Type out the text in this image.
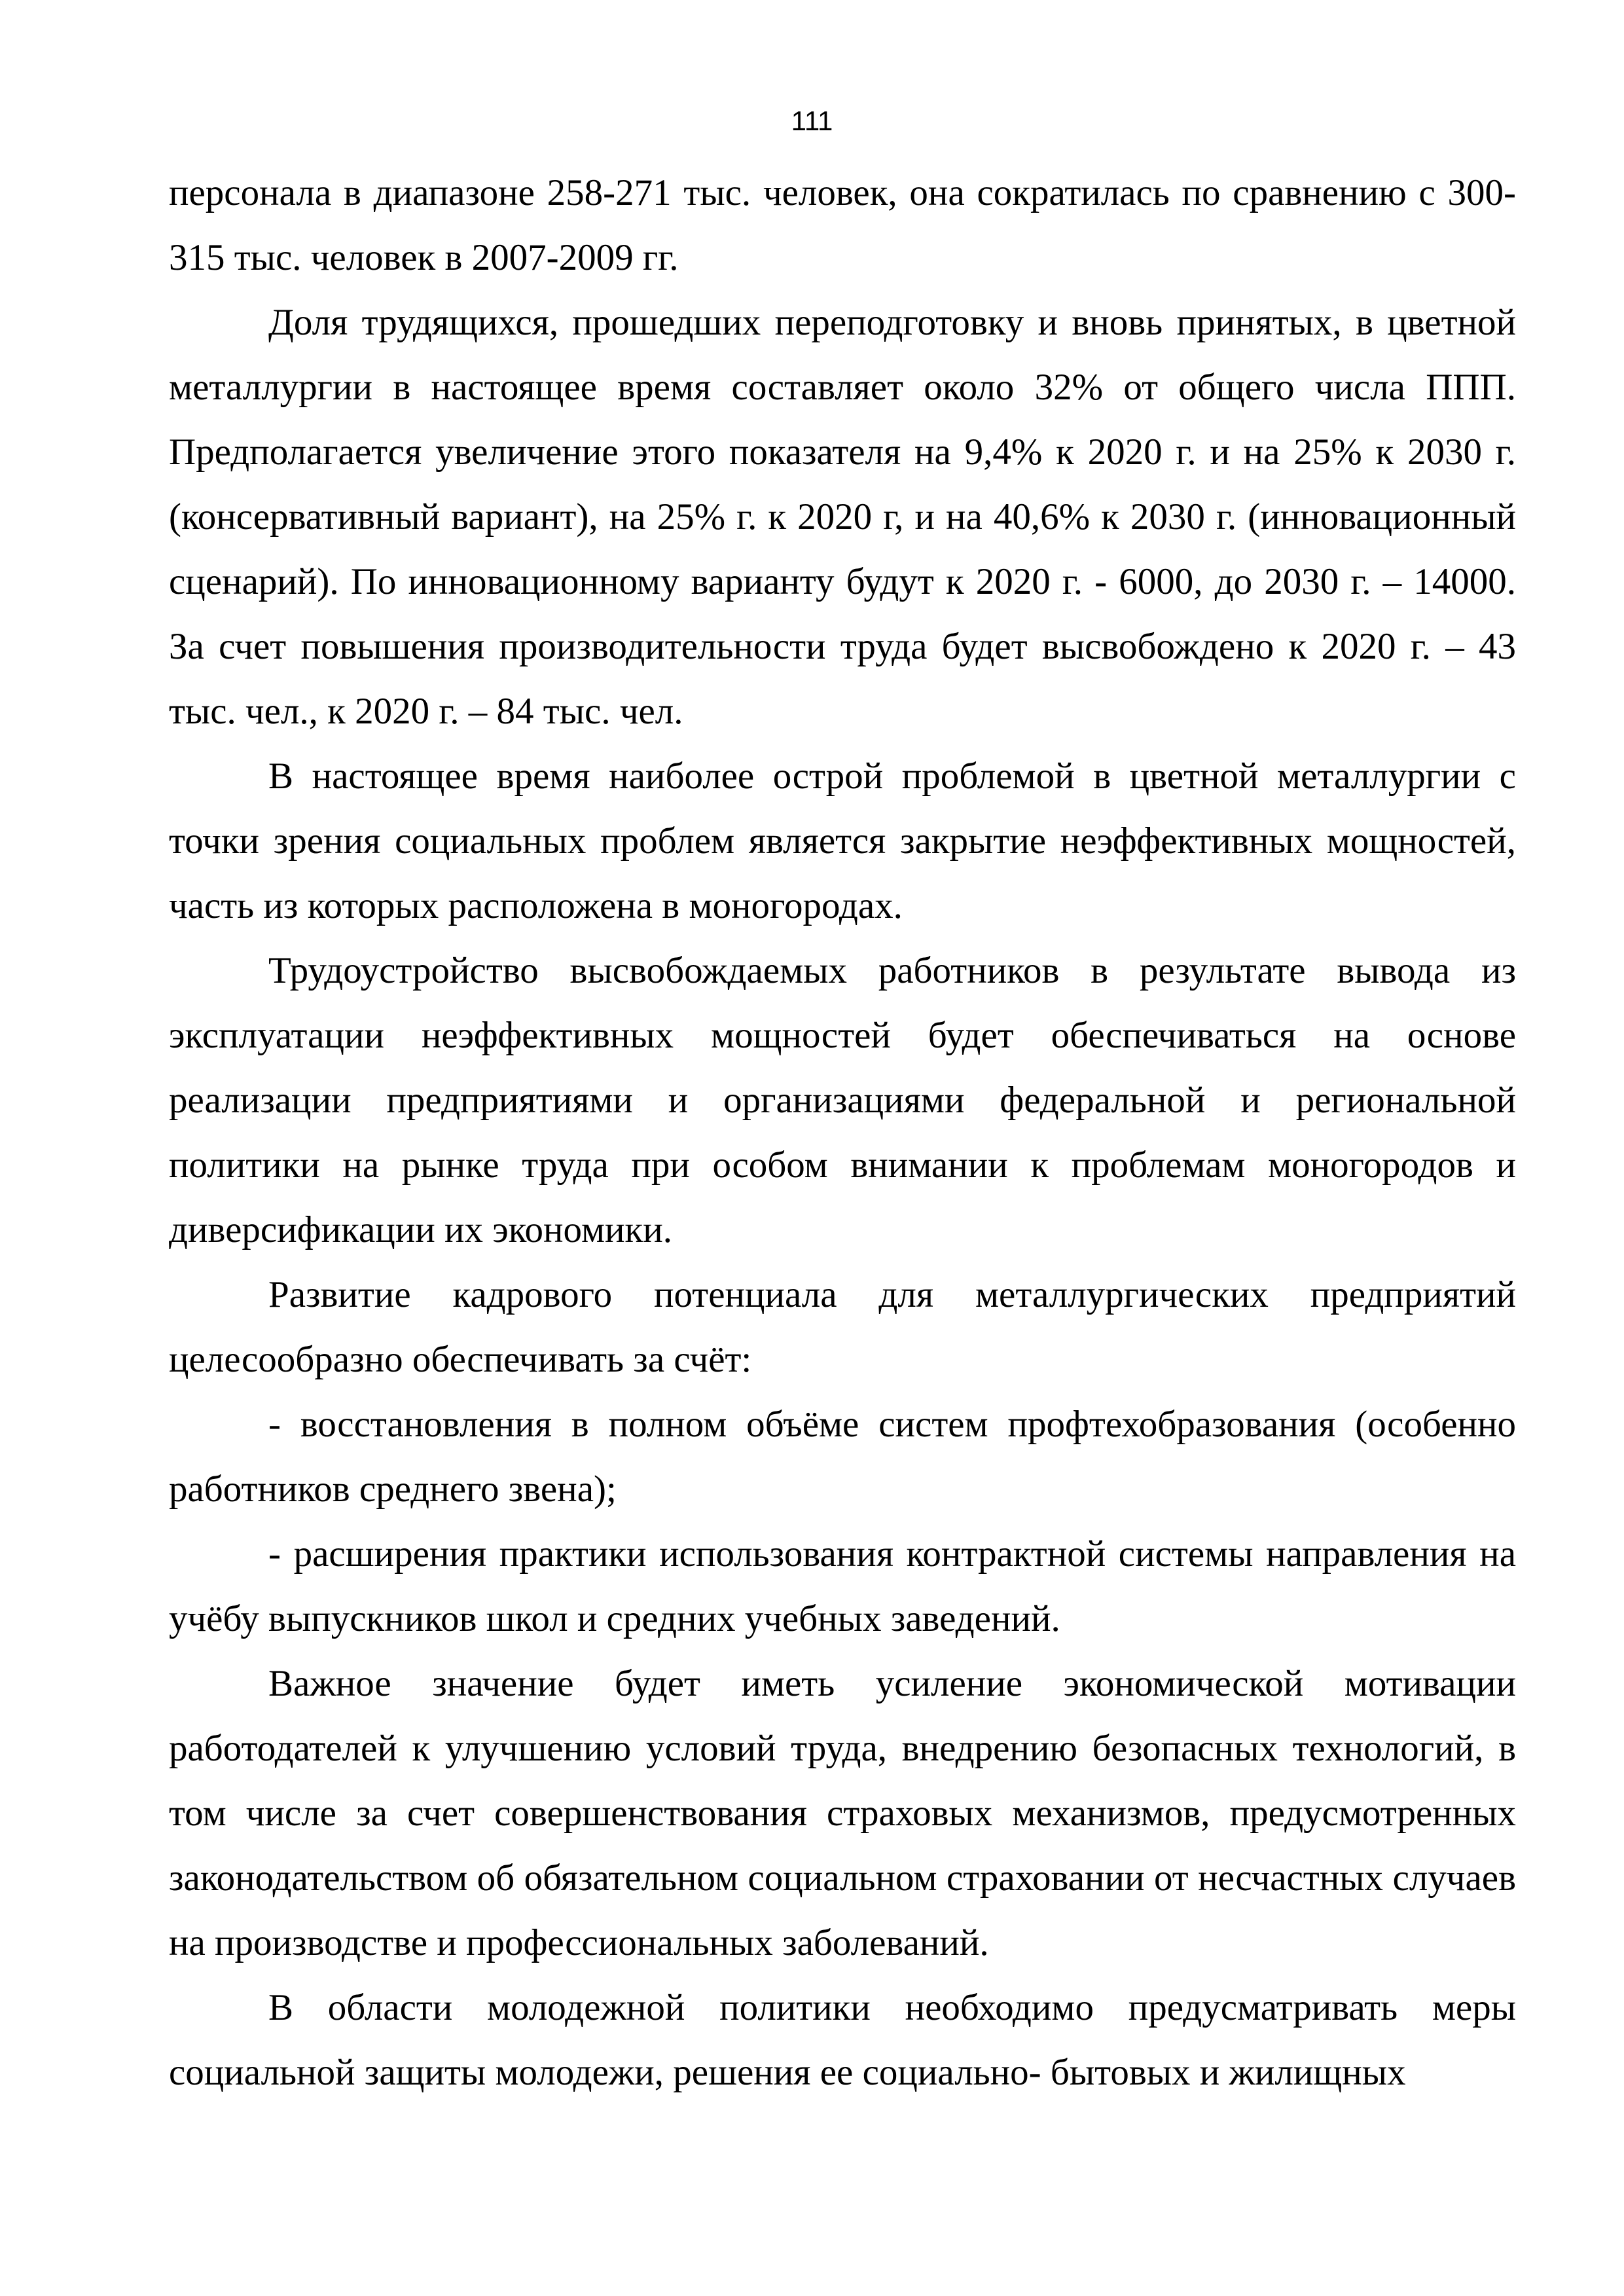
111

персонала в диапазоне 258-271 тыс. человек, она сократилась по сравнению с 300-315 тыс. человек в 2007-2009 гг.

Доля трудящихся, прошедших переподготовку и вновь принятых, в цветной металлургии в настоящее время составляет около 32% от общего числа ППП. Предполагается увеличение этого показателя на 9,4% к 2020 г. и на 25% к 2030 г. (консервативный вариант), на 25% г. к 2020 г, и на 40,6% к 2030 г. (инновационный сценарий). По инновационному варианту будут к 2020 г. - 6000, до 2030 г. – 14000. За счет повышения производительности труда будет высвобождено к 2020 г. – 43 тыс. чел., к 2020 г. – 84 тыс. чел.

В настоящее время наиболее острой проблемой в цветной металлургии с точки зрения социальных проблем является закрытие неэффективных мощностей, часть из которых расположена в моногородах.

Трудоустройство высвобождаемых работников в результате вывода из эксплуатации неэффективных мощностей будет обеспечиваться на основе реализации предприятиями и организациями федеральной и региональной политики на рынке труда при особом внимании к проблемам моногородов и диверсификации их экономики.

Развитие кадрового потенциала для металлургических предприятий целесообразно обеспечивать за счёт:

- восстановления в полном объёме систем профтехобразования (особенно работников среднего звена);

- расширения практики использования контрактной системы направления на учёбу выпускников школ и средних учебных заведений.

Важное значение будет иметь усиление экономической мотивации работодателей к улучшению условий труда, внедрению безопасных технологий, в том числе за счет совершенствования страховых механизмов, предусмотренных законодательством об обязательном социальном страховании от несчастных случаев на производстве и профессиональных заболеваний.

В области молодежной политики необходимо предусматривать меры социальной защиты молодежи, решения ее социально- бытовых и жилищных
